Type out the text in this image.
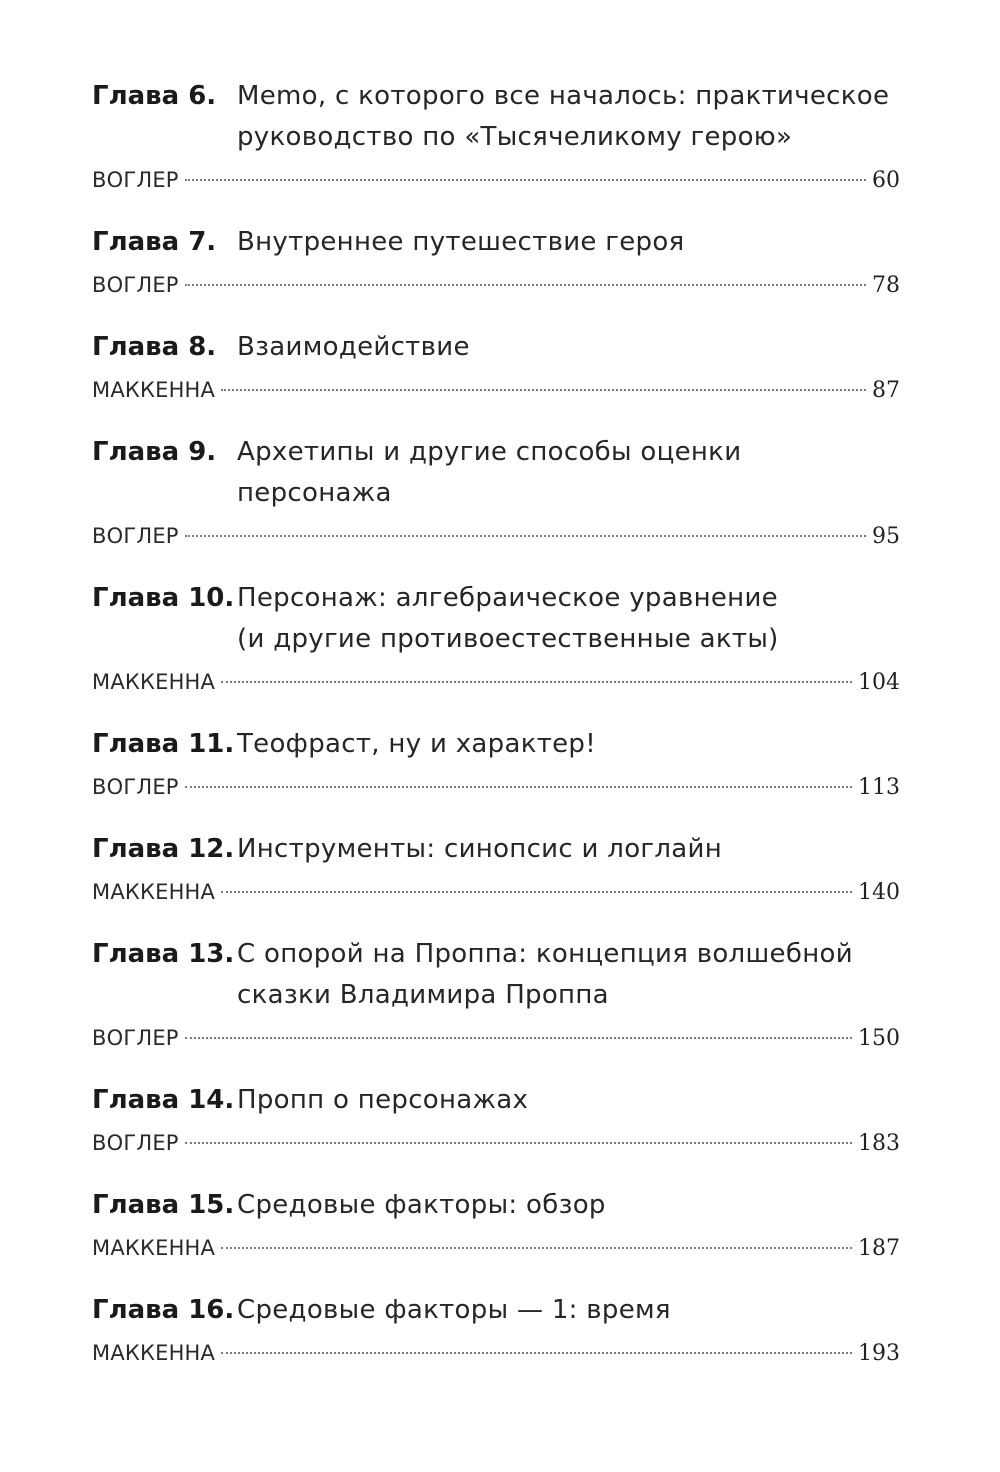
Глава 6. Memo, с которого все началось: практическое
руководство по «Тысячеликому герою»
ВОГЛЕР	60
Глава 7. Внутреннее путешествие героя
ВОГЛЕР	78
Глава 8. Взаимодействие
МАККЕННА	87
Глава 9. Архетипы и другие способы оценки персонажа
ВОГЛЕР	95
Глава 10. Персонаж: алгебраическое уравнение
(и другие противоестественные акты)
МАККЕННА	104
Глава 11. Теофраст, ну и характер!
ВОГЛЕР	113
Глава 12. Инструменты: синопсис и логлайн
МАККЕННА	140
Глава 13. С опорой на Проппа: концепция волшебной
сказки Владимира Проппа
ВОГЛЕР	150
Глава 14. Пропп о персонажах
ВОГЛЕР	183
Глава 15. Средовые факторы: обзор
МАККЕННА	187
Глава 16. Средовые факторы — 1: время
МАККЕННА	193
